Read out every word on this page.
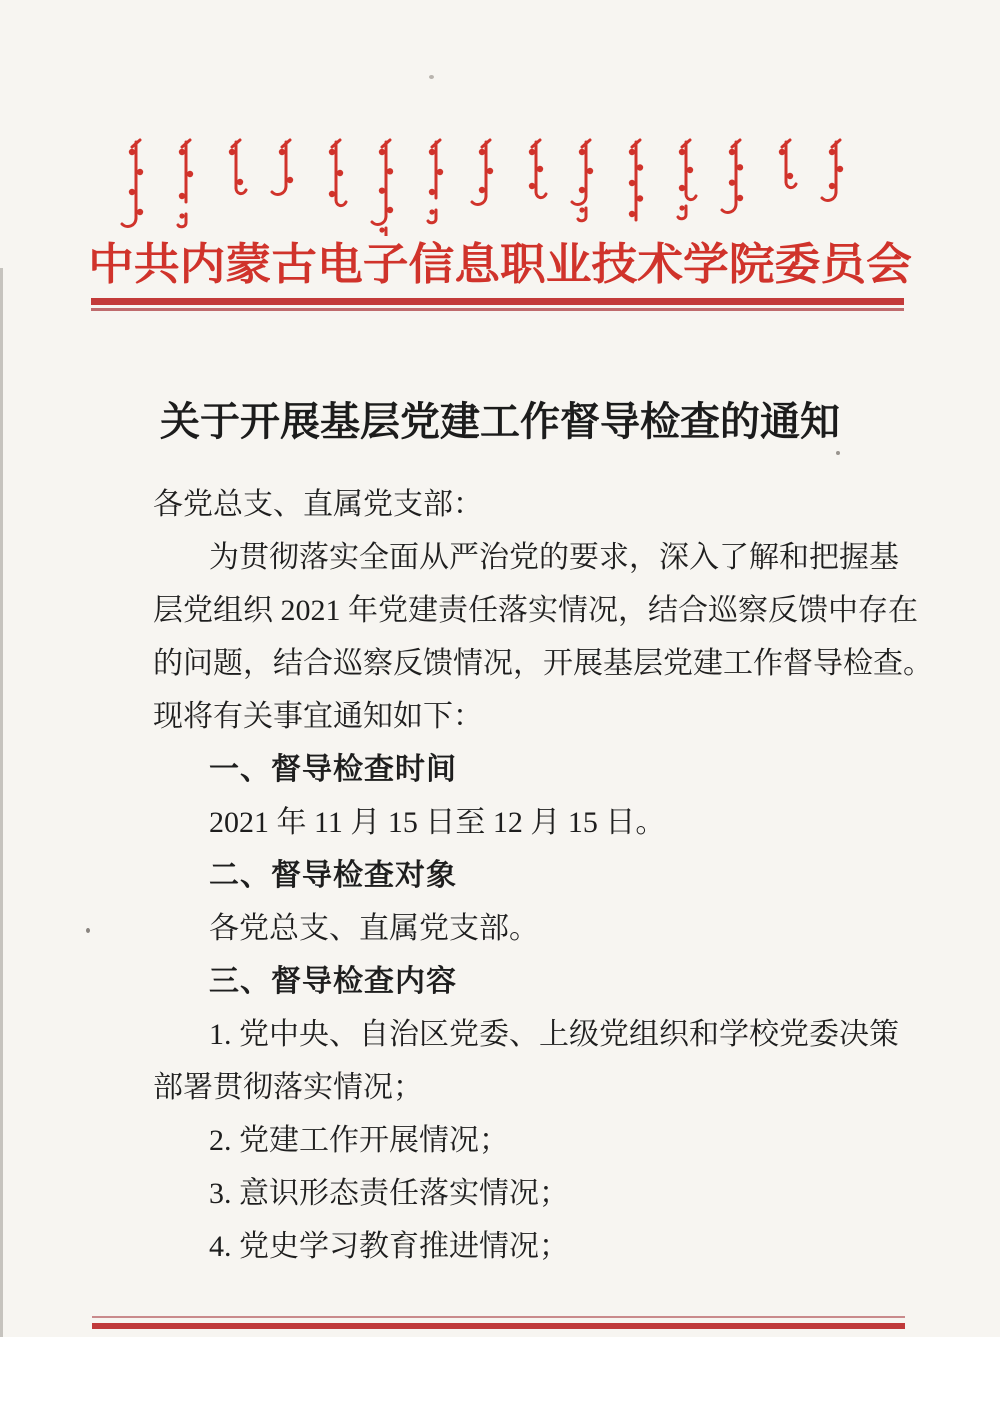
中共内蒙古电子信息职业技术学院委员会
关于开展基层党建工作督导检查的通知
各党总支、直属党支部：
为贯彻落实全面从严治党的要求，深入了解和把握基
层党组织 2021 年党建责任落实情况，结合巡察反馈中存在
的问题，结合巡察反馈情况，开展基层党建工作督导检查。
现将有关事宜通知如下：
一、督导检查时间
2021 年 11 月 15 日至 12 月 15 日。
二、督导检查对象
各党总支、直属党支部。
三、督导检查内容
1. 党中央、自治区党委、上级党组织和学校党委决策
部署贯彻落实情况；
2. 党建工作开展情况；
3. 意识形态责任落实情况；
4. 党史学习教育推进情况；
